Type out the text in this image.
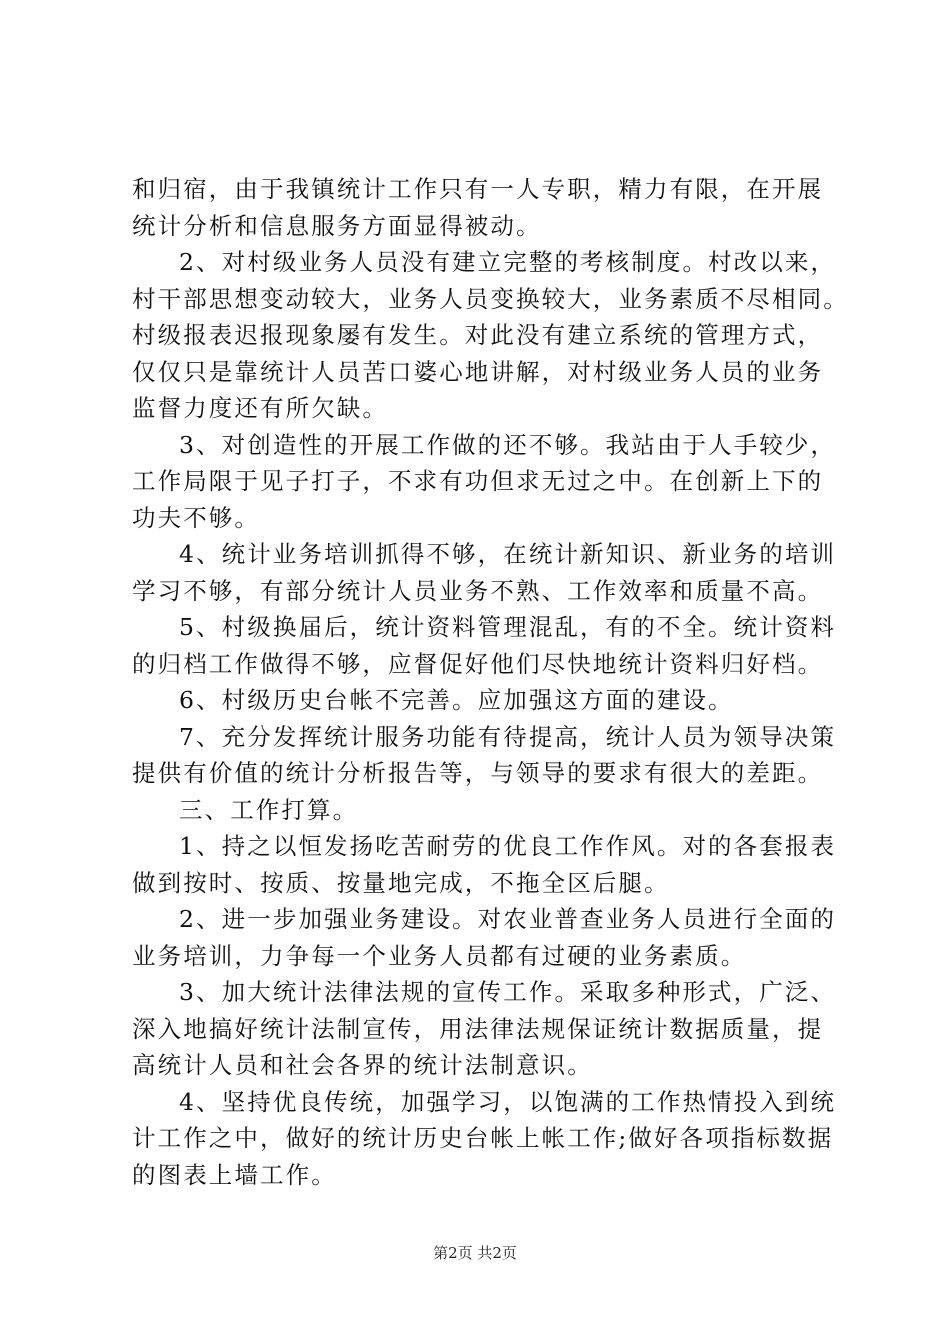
和归宿，由于我镇统计工作只有一人专职，精力有限，在开展
统计分析和信息服务方面显得被动。
2、对村级业务人员没有建立完整的考核制度。村改以来，
村干部思想变动较大，业务人员变换较大，业务素质不尽相同。
村级报表迟报现象屡有发生。对此没有建立系统的管理方式，
仅仅只是靠统计人员苦口婆心地讲解，对村级业务人员的业务
监督力度还有所欠缺。
3、对创造性的开展工作做的还不够。我站由于人手较少，
工作局限于见子打子，不求有功但求无过之中。在创新上下的
功夫不够。
4、统计业务培训抓得不够，在统计新知识、新业务的培训
学习不够，有部分统计人员业务不熟、工作效率和质量不高。
5、村级换届后，统计资料管理混乱，有的不全。统计资料
的归档工作做得不够，应督促好他们尽快地统计资料归好档。
6、村级历史台帐不完善。应加强这方面的建设。
7、充分发挥统计服务功能有待提高，统计人员为领导决策
提供有价值的统计分析报告等，与领导的要求有很大的差距。
三、工作打算。
1、持之以恒发扬吃苦耐劳的优良工作作风。对的各套报表
做到按时、按质、按量地完成，不拖全区后腿。
2、进一步加强业务建设。对农业普查业务人员进行全面的
业务培训，力争每一个业务人员都有过硬的业务素质。
3、加大统计法律法规的宣传工作。采取多种形式，广泛、
深入地搞好统计法制宣传，用法律法规保证统计数据质量，提
高统计人员和社会各界的统计法制意识。
4、坚持优良传统，加强学习，以饱满的工作热情投入到统
计工作之中，做好的统计历史台帐上帐工作;做好各项指标数据
的图表上墙工作。
第2页 共2页
